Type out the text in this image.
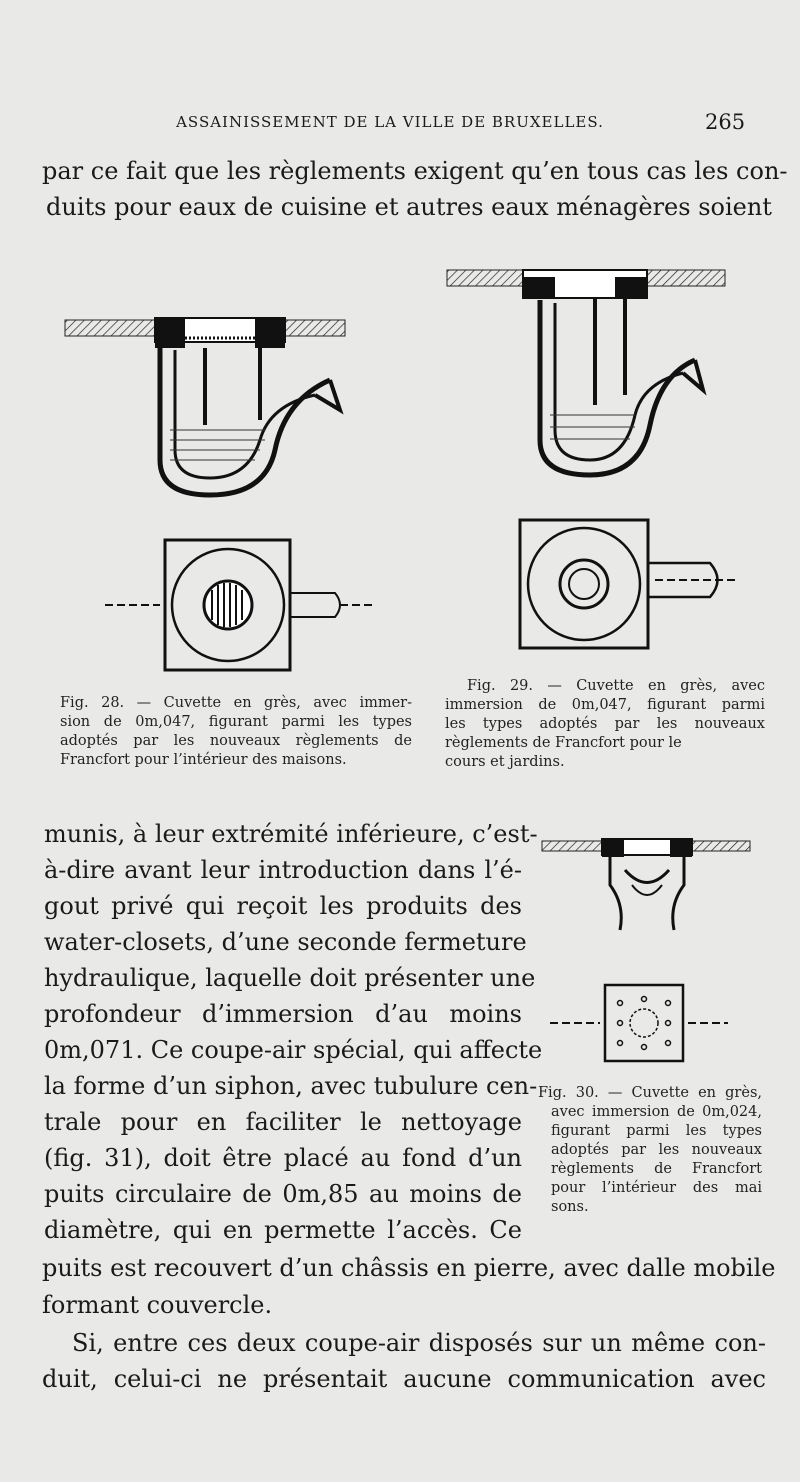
ASSAINISSEMENT DE LA VILLE DE BRUXELLES.	265
par ce fait que les règlements exigent qu’en tous cas les con-
duits pour eaux de cuisine et autres eaux ménagères soient
Fig. 28. — Cuvette en grès, avec immer-
sion de 0m,047, figurant parmi les types
adoptés par les nouveaux règlements de
Francfort pour l’intérieur des maisons.
Fig. 29. — Cuvette en grès, avec
immersion de 0m,047, figurant parmi
les types adoptés par les nouveaux
règlements de Francfort pour le
cours et jardins.
munis, à leur extrémité inférieure, c’est-
à-dire avant leur introduction dans l’é-
gout privé qui reçoit les produits des
water-closets, d’une seconde fermeture
hydraulique, laquelle doit présenter une
profondeur d’immersion d’au moins
0m,071. Ce coupe-air spécial, qui affecte
la forme d’un siphon, avec tubulure cen-
trale pour en faciliter le nettoyage
(fig. 31), doit être placé au fond d’un
puits circulaire de 0m,85 au moins de
diamètre, qui en permette l’accès. Ce
Fig. 30. — Cuvette en grès,
avec immersion de 0m,024,
figurant parmi les types
adoptés par les nouveaux
règlements de Francfort
pour l’intérieur des mai
sons.
puits est recouvert d’un châssis en pierre, avec dalle mobile
formant couvercle.
Si, entre ces deux coupe-air disposés sur un même con-
duit, celui-ci ne présentait aucune communication avec
